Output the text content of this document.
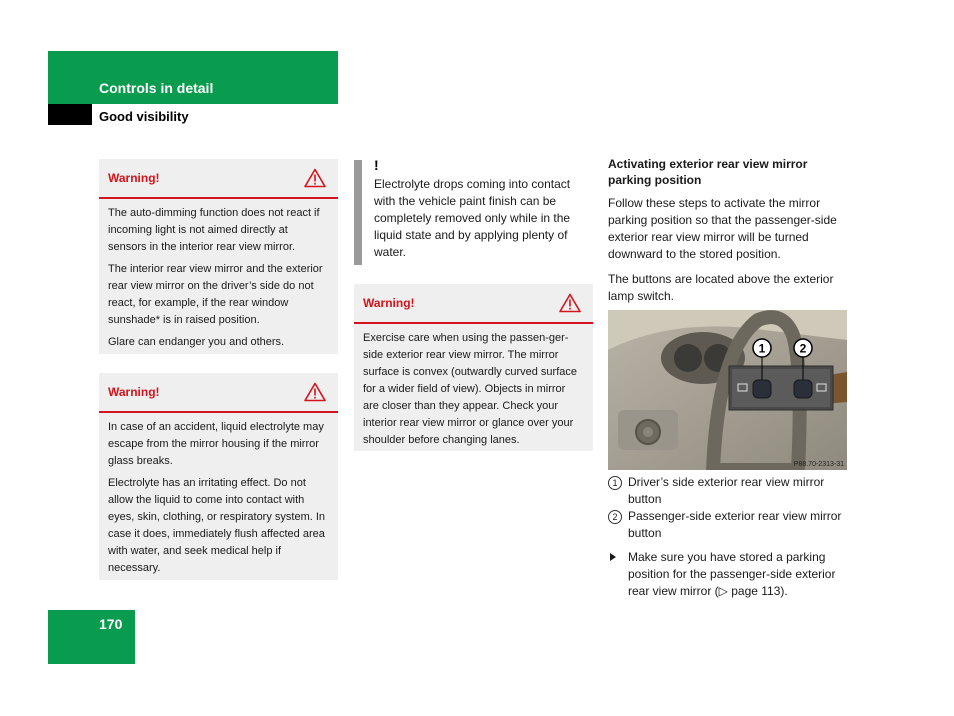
Controls in detail
Good visibility
Warning!

The auto-dimming function does not react if incoming light is not aimed directly at sensors in the interior rear view mirror.

The interior rear view mirror and the exterior rear view mirror on the driver’s side do not react, for example, if the rear window sunshade* is in raised position.

Glare can endanger you and others.

Warning!

In case of an accident, liquid electrolyte may escape from the mirror housing if the mirror glass breaks.

Electrolyte has an irritating effect. Do not allow the liquid to come into contact with eyes, skin, clothing, or respiratory system. In case it does, immediately flush affected area with water, and seek medical help if necessary.

170
!
Electrolyte drops coming into contact with the vehicle paint finish can be completely removed only while in the liquid state and by applying plenty of water.
Warning!

Exercise care when using the passen-ger-side exterior rear view mirror. The mirror surface is convex (outwardly curved surface for a wider field of view). Objects in mirror are closer than they appear. Check your interior rear view mirror or glance over your shoulder before changing lanes.

Activating exterior rear view mirror parking position
Follow these steps to activate the mirror parking position so that the passenger-side exterior rear view mirror will be turned downward to the stored position.
The buttons are located above the exterior lamp switch.
1	2
P88.70-2313-31
1 Driver’s side exterior rear view mirror button
2 Passenger-side exterior rear view mirror button
Make sure you have stored a parking position for the passenger-side exterior rear view mirror (▷ page 113).
